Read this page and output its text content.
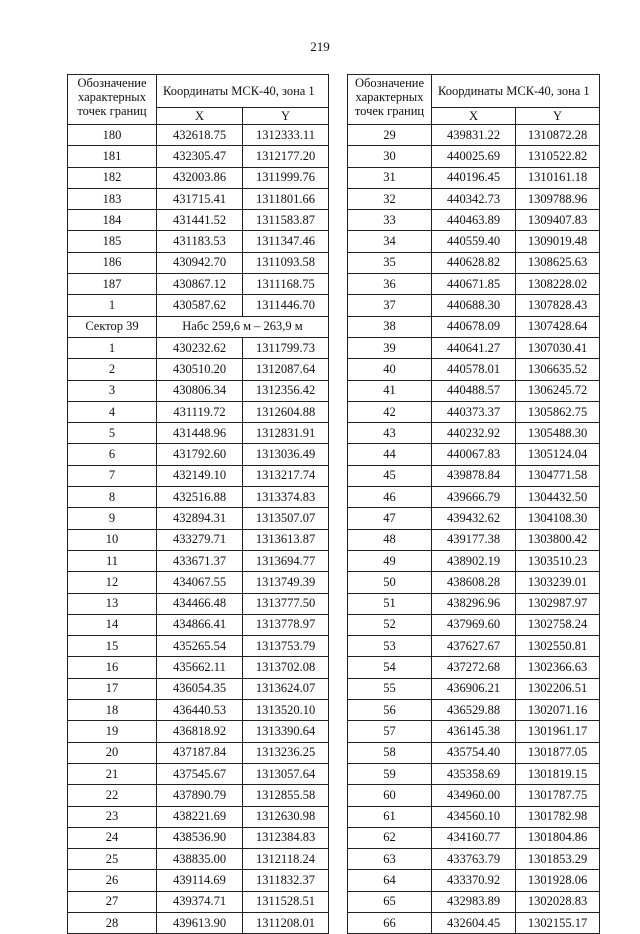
219
Обозначение характерных точек границ	Координаты МСК-40, зона 1	
	X	Y
180	432618.75	1312333.11
181	432305.47	1312177.20
182	432003.86	1311999.76
183	431715.41	1311801.66
184	431441.52	1311583.87
185	431183.53	1311347.46
186	430942.70	1311093.58
187	430867.12	1311168.75
1	430587.62	1311446.70
Сектор 39	Набс 259,6 м – 263,9 м	
1	430232.62	1311799.73
2	430510.20	1312087.64
3	430806.34	1312356.42
4	431119.72	1312604.88
5	431448.96	1312831.91
6	431792.60	1313036.49
7	432149.10	1313217.74
8	432516.88	1313374.83
9	432894.31	1313507.07
10	433279.71	1313613.87
11	433671.37	1313694.77
12	434067.55	1313749.39
13	434466.48	1313777.50
14	434866.41	1313778.97
15	435265.54	1313753.79
16	435662.11	1313702.08
17	436054.35	1313624.07
18	436440.53	1313520.10
19	436818.92	1313390.64
20	437187.84	1313236.25
21	437545.67	1313057.64
22	437890.79	1312855.58
23	438221.69	1312630.98
24	438536.90	1312384.83
25	438835.00	1312118.24
26	439114.69	1311832.37
27	439374.71	1311528.51
28	439613.90	1311208.01
Обозначение характерных точек границ	Координаты МСК-40, зона 1	
	X	Y
29	439831.22	1310872.28
30	440025.69	1310522.82
31	440196.45	1310161.18
32	440342.73	1309788.96
33	440463.89	1309407.83
34	440559.40	1309019.48
35	440628.82	1308625.63
36	440671.85	1308228.02
37	440688.30	1307828.43
38	440678.09	1307428.64
39	440641.27	1307030.41
40	440578.01	1306635.52
41	440488.57	1306245.72
42	440373.37	1305862.75
43	440232.92	1305488.30
44	440067.83	1305124.04
45	439878.84	1304771.58
46	439666.79	1304432.50
47	439432.62	1304108.30
48	439177.38	1303800.42
49	438902.19	1303510.23
50	438608.28	1303239.01
51	438296.96	1302987.97
52	437969.60	1302758.24
53	437627.67	1302550.81
54	437272.68	1302366.63
55	436906.21	1302206.51
56	436529.88	1302071.16
57	436145.38	1301961.17
58	435754.40	1301877.05
59	435358.69	1301819.15
60	434960.00	1301787.75
61	434560.10	1301782.98
62	434160.77	1301804.86
63	433763.79	1301853.29
64	433370.92	1301928.06
65	432983.89	1302028.83
66	432604.45	1302155.17
